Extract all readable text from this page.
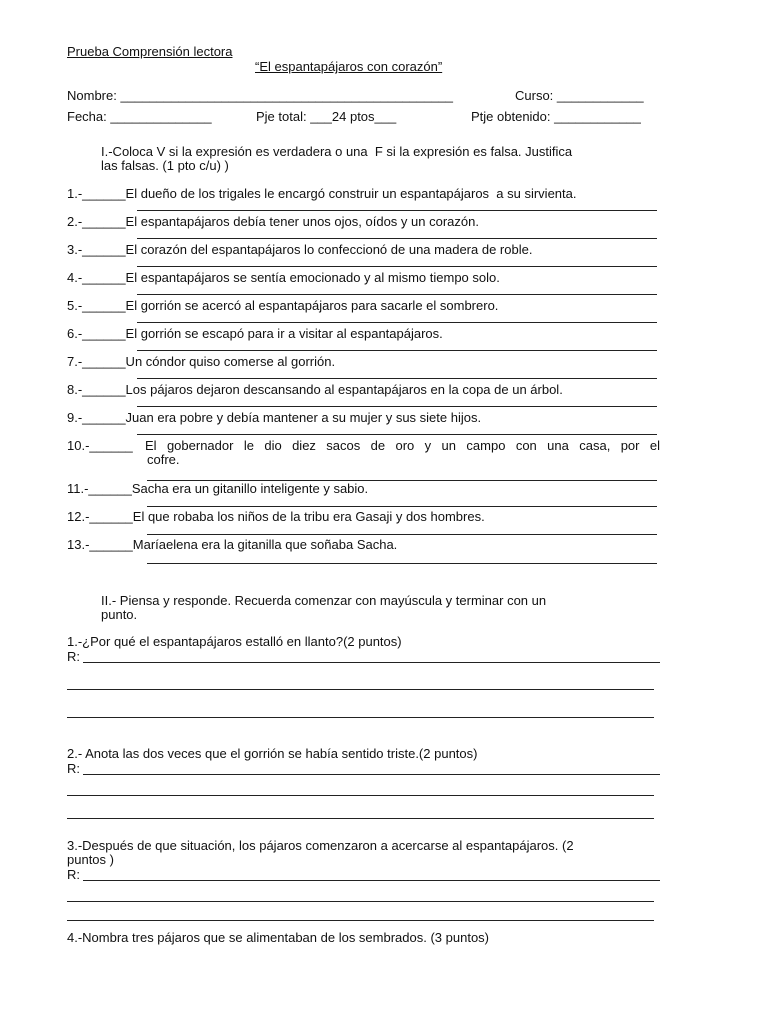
Prueba Comprensión lectora
“El espantapájaros con corazón”
Nombre: ______________________________________________	Curso: ____________
Fecha: ______________	Pje total: ___24 ptos___	Ptje obtenido: ____________
I.-Coloca V si la expresión es verdadera o una  F si la expresión es falsa. Justifica
las falsas. (1 pto c/u) )
1.-______El dueño de los trigales le encargó construir un espantapájaros  a su sirvienta.
2.-______El espantapájaros debía tener unos ojos, oídos y un corazón.
3.-______El corazón del espantapájaros lo confeccionó de una madera de roble.
4.-______El espantapájaros se sentía emocionado y al mismo tiempo solo.
5.-______El gorrión se acercó al espantapájaros para sacarle el sombrero.
6.-______El gorrión se escapó para ir a visitar al espantapájaros.
7.-______Un cóndor quiso comerse al gorrión.
8.-______Los pájaros dejaron descansando al espantapájaros en la copa de un árbol.
9.-______Juan era pobre y debía mantener a su mujer y sus siete hijos.
10.-______ El gobernador le dio diez sacos de oro y un campo con una casa, por el
cofre.
11.-______Sacha era un gitanillo inteligente y sabio.
12.-______El que robaba los niños de la tribu era Gasaji y dos hombres.
13.-______Maríaelena era la gitanilla que soñaba Sacha.
II.- Piensa y responde. Recuerda comenzar con mayúscula y terminar con un
punto.
1.-¿Por qué el espantapájaros estalló en llanto?(2 puntos)
R:
2.- Anota las dos veces que el gorrión se había sentido triste.(2 puntos)
R:
3.-Después de que situación, los pájaros comenzaron a acercarse al espantapájaros. (2
puntos )
R:
4.-Nombra tres pájaros que se alimentaban de los sembrados. (3 puntos)
